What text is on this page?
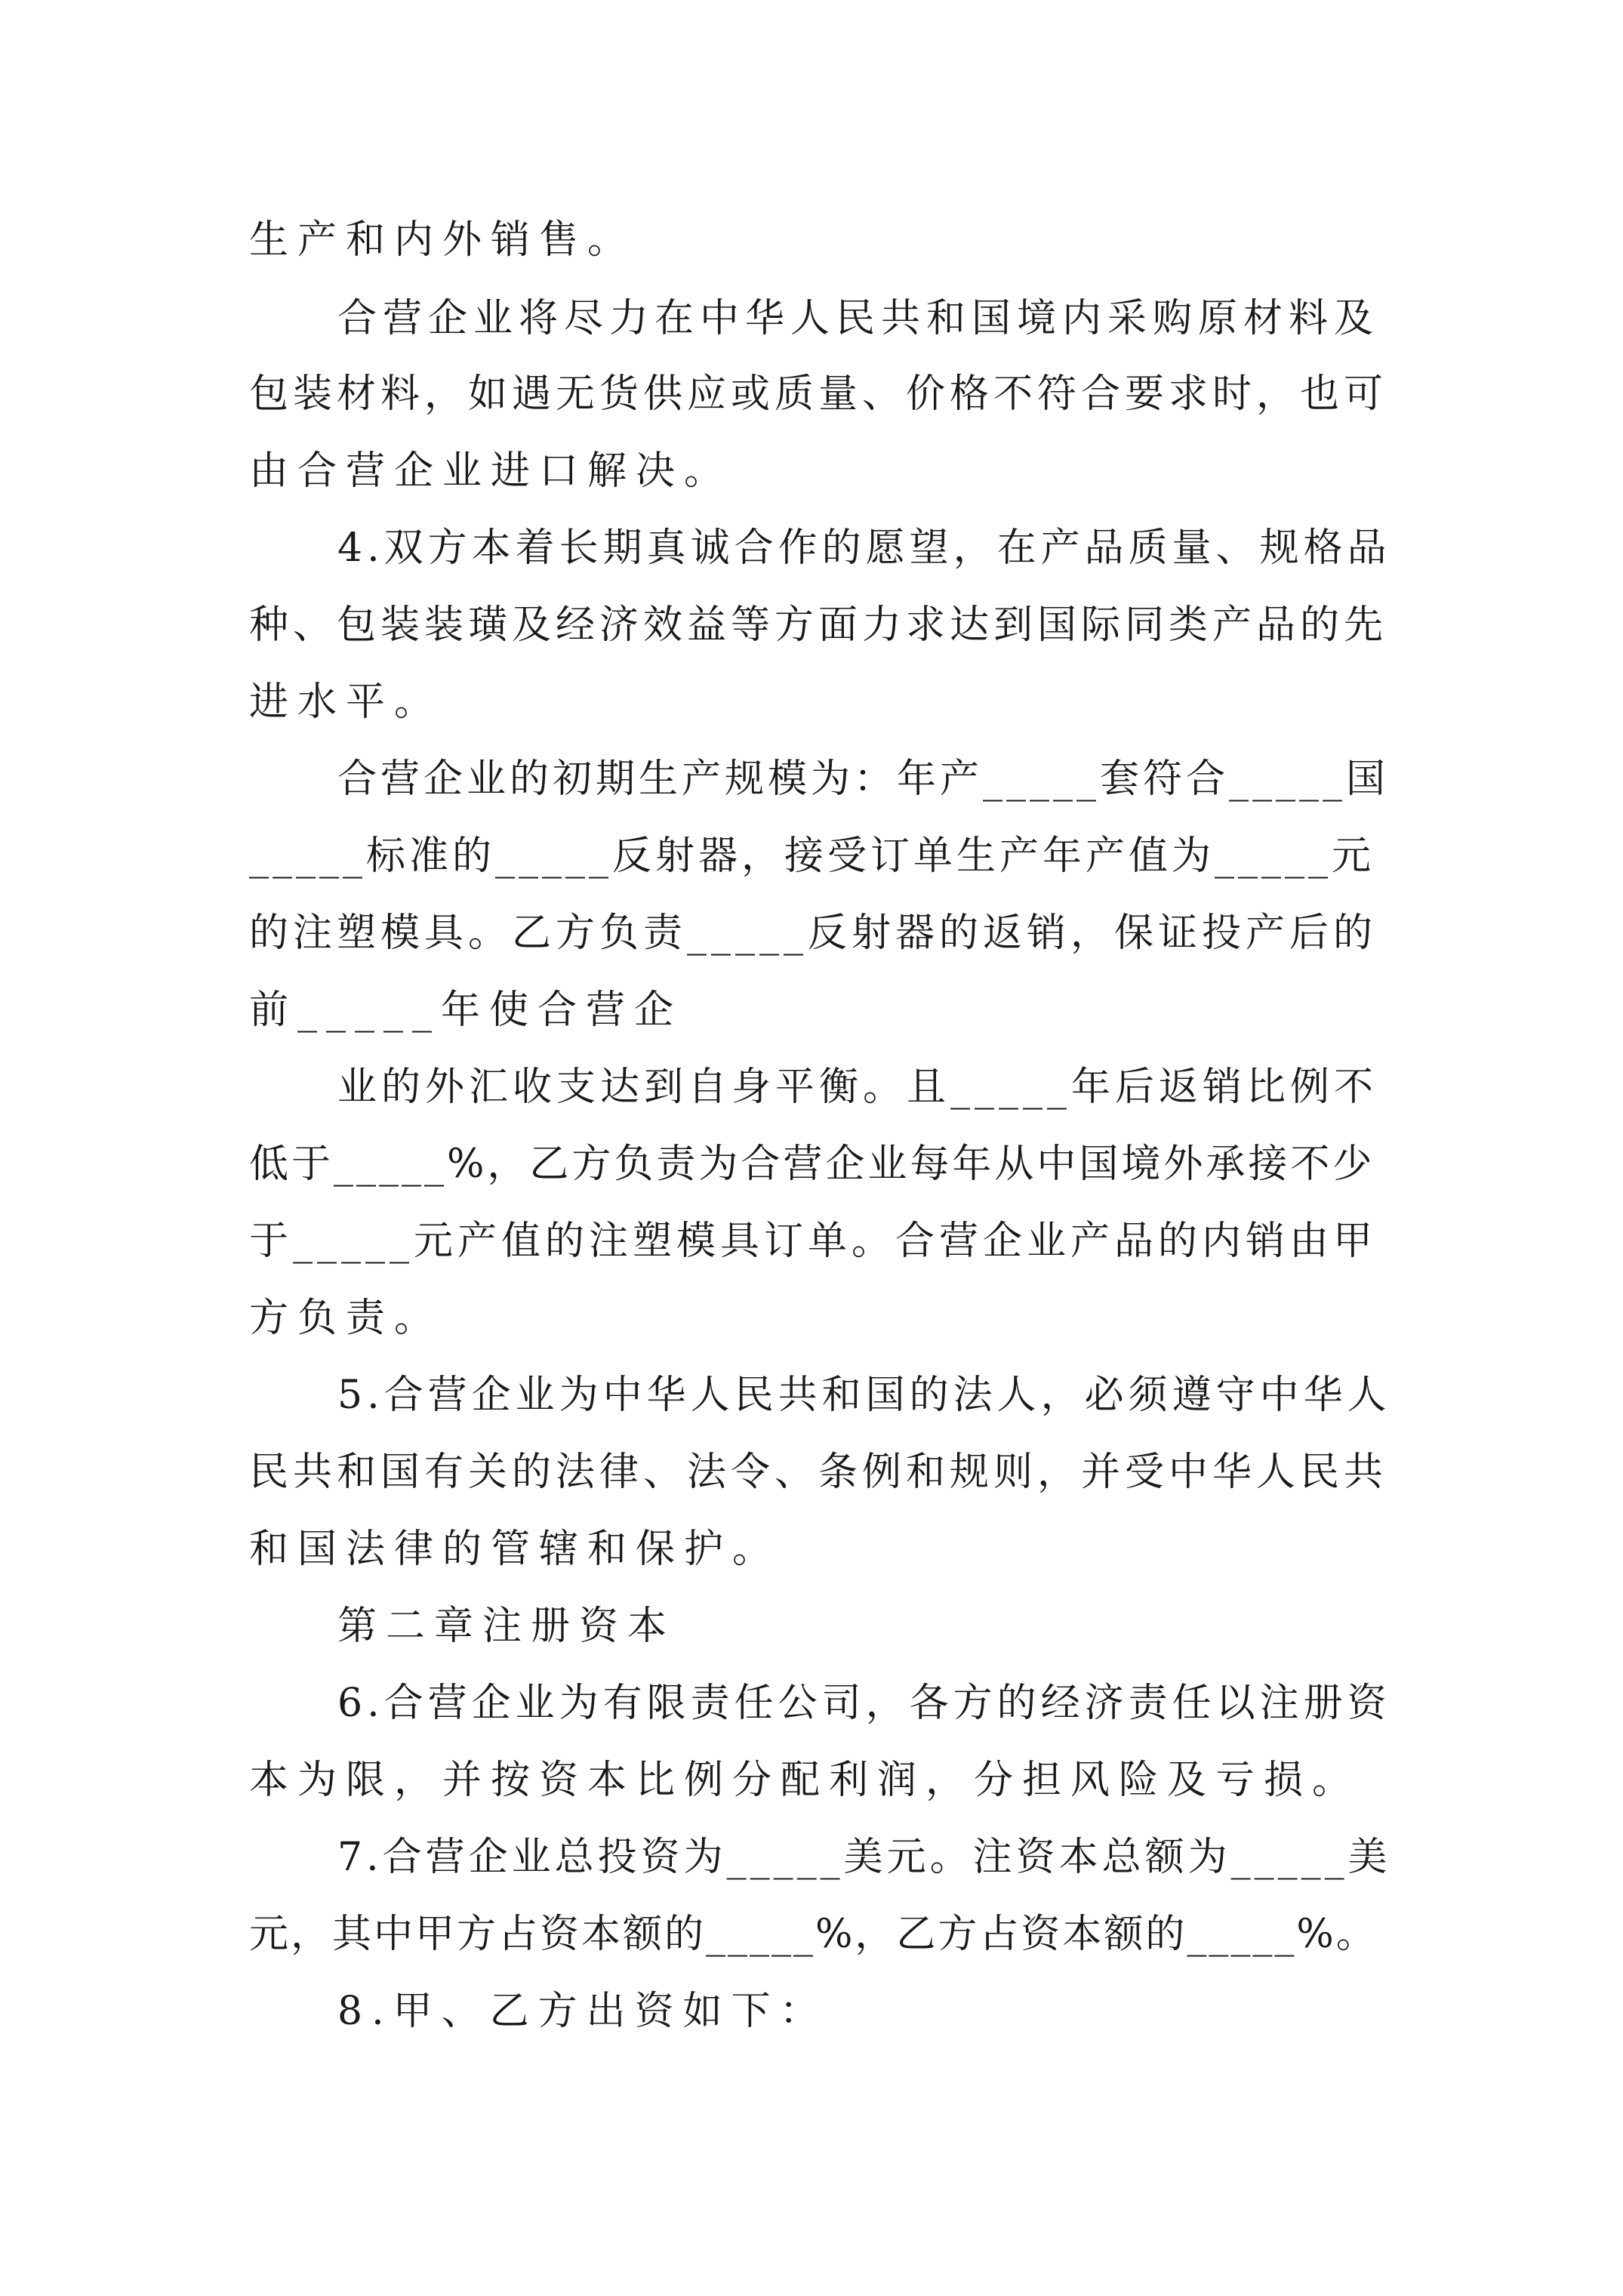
生产和内外销售。
合营企业将尽力在中华人民共和国境内采购原材料及
包装材料，如遇无货供应或质量、价格不符合要求时，也可
由合营企业进口解决。
4.双方本着长期真诚合作的愿望，在产品质量、规格品
种、包装装璜及经济效益等方面力求达到国际同类产品的先
进水平。
合营企业的初期生产规模为：年产_____套符合_____国
_____标准的_____反射器，接受订单生产年产值为_____元
的注塑模具。乙方负责_____反射器的返销，保证投产后的
前_____年使合营企
业的外汇收支达到自身平衡。且_____年后返销比例不
低于_____%，乙方负责为合营企业每年从中国境外承接不少
于_____元产值的注塑模具订单。合营企业产品的内销由甲
方负责。
5.合营企业为中华人民共和国的法人，必须遵守中华人
民共和国有关的法律、法令、条例和规则，并受中华人民共
和国法律的管辖和保护。
第二章注册资本
6.合营企业为有限责任公司，各方的经济责任以注册资
本为限，并按资本比例分配利润，分担风险及亏损。
7.合营企业总投资为_____美元。注资本总额为_____美
元，其中甲方占资本额的_____%，乙方占资本额的_____%。
8.甲、乙方出资如下：
